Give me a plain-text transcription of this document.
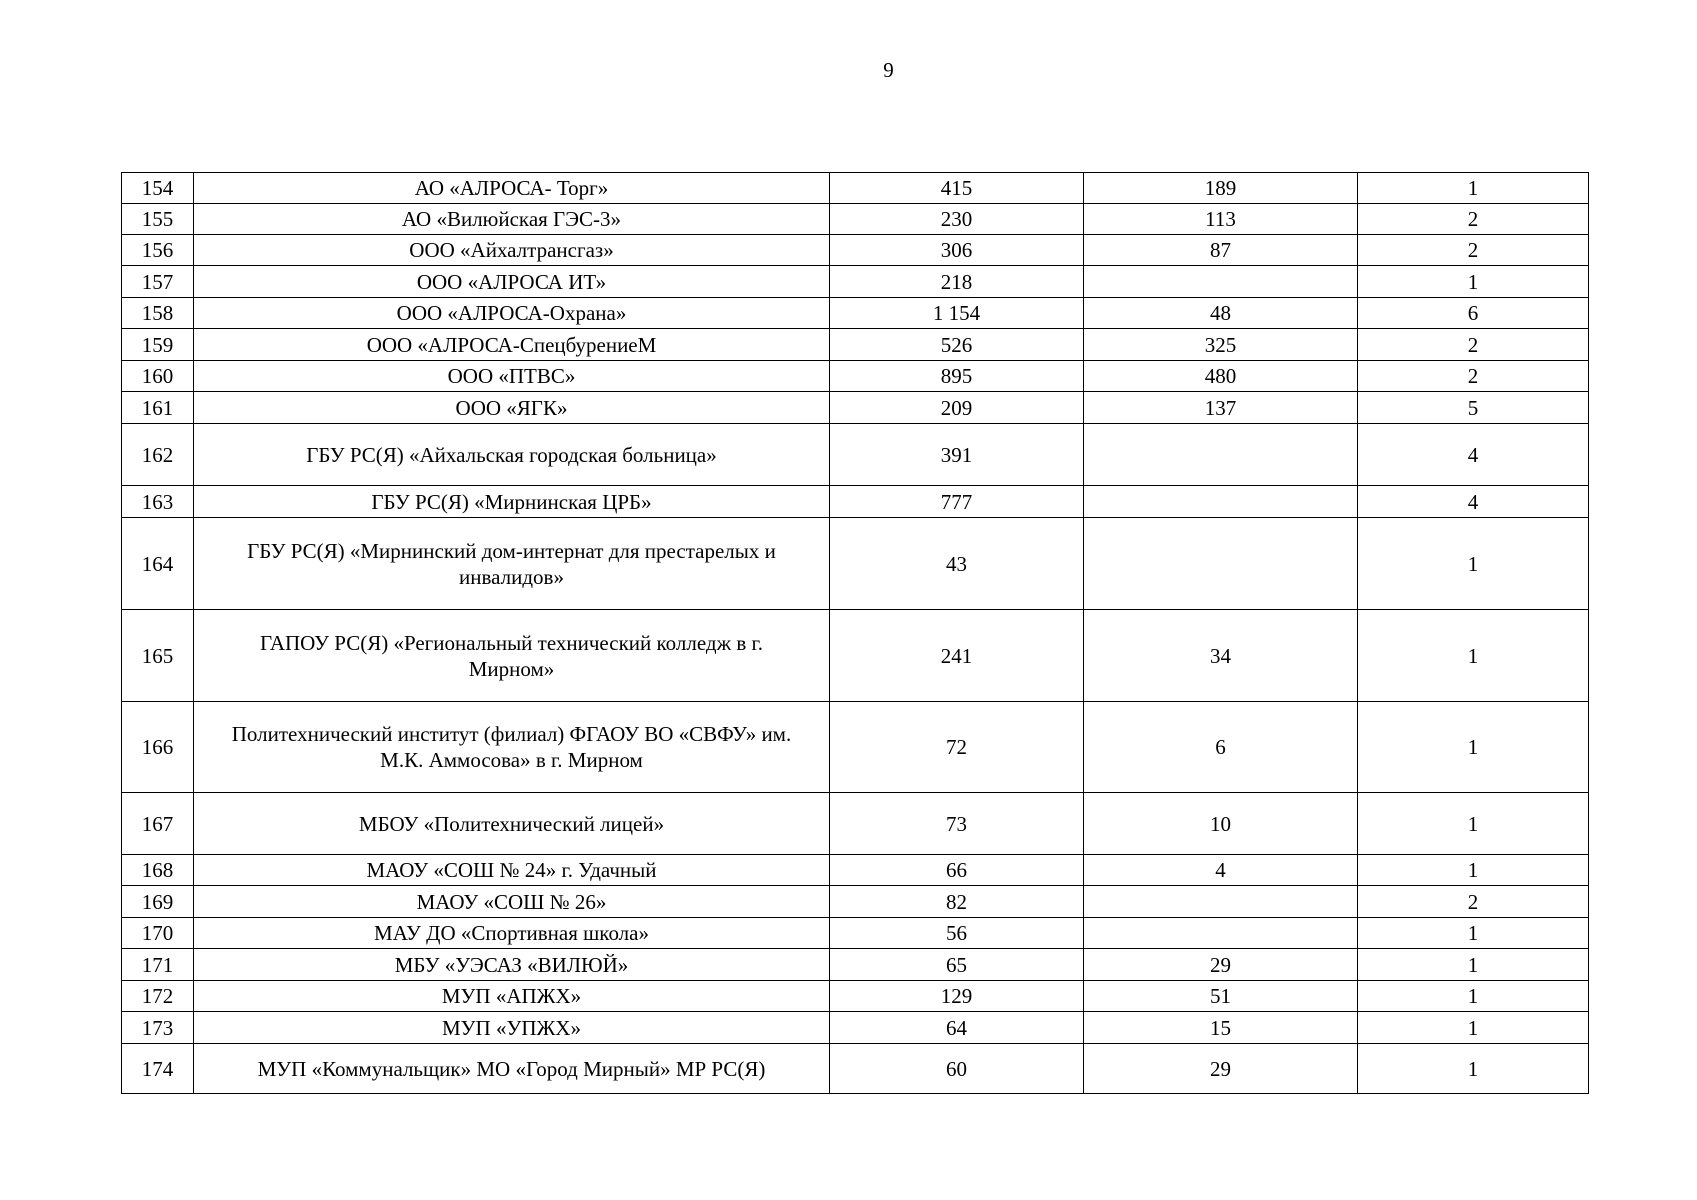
9
154	АО «АЛРОСА- Торг»	415	189	1
155	АО «Вилюйская ГЭС-3»	230	113	2
156	ООО «Айхалтрансгаз»	306	87	2
157	ООО «АЛРОСА ИТ»	218		1
158	ООО «АЛРОСА-Охрана»	1 154	48	6
159	ООО «АЛРОСА-СпецбурениеМ	526	325	2
160	ООО «ПТВС»	895	480	2
161	ООО «ЯГК»	209	137	5
162	ГБУ РС(Я) «Айхальская городская больница»	391		4
163	ГБУ РС(Я) «Мирнинская ЦРБ»	777		4
164	ГБУ РС(Я) «Мирнинский дом-интернат для престарелых и
инвалидов»	43		1
165	ГАПОУ РС(Я) «Региональный технический колледж в г.
Мирном»	241	34	1
166	Политехнический институт (филиал) ФГАОУ ВО «СВФУ» им.
М.К. Аммосова» в г. Мирном	72	6	1
167	МБОУ «Политехнический лицей»	73	10	1
168	МАОУ «СОШ № 24» г. Удачный	66	4	1
169	МАОУ «СОШ № 26»	82		2
170	МАУ ДО «Спортивная школа»	56		1
171	МБУ «УЭСАЗ «ВИЛЮЙ»	65	29	1
172	МУП «АПЖХ»	129	51	1
173	МУП «УПЖХ»	64	15	1
174	МУП «Коммунальщик» МО «Город Мирный» МР РС(Я)	60	29	1
